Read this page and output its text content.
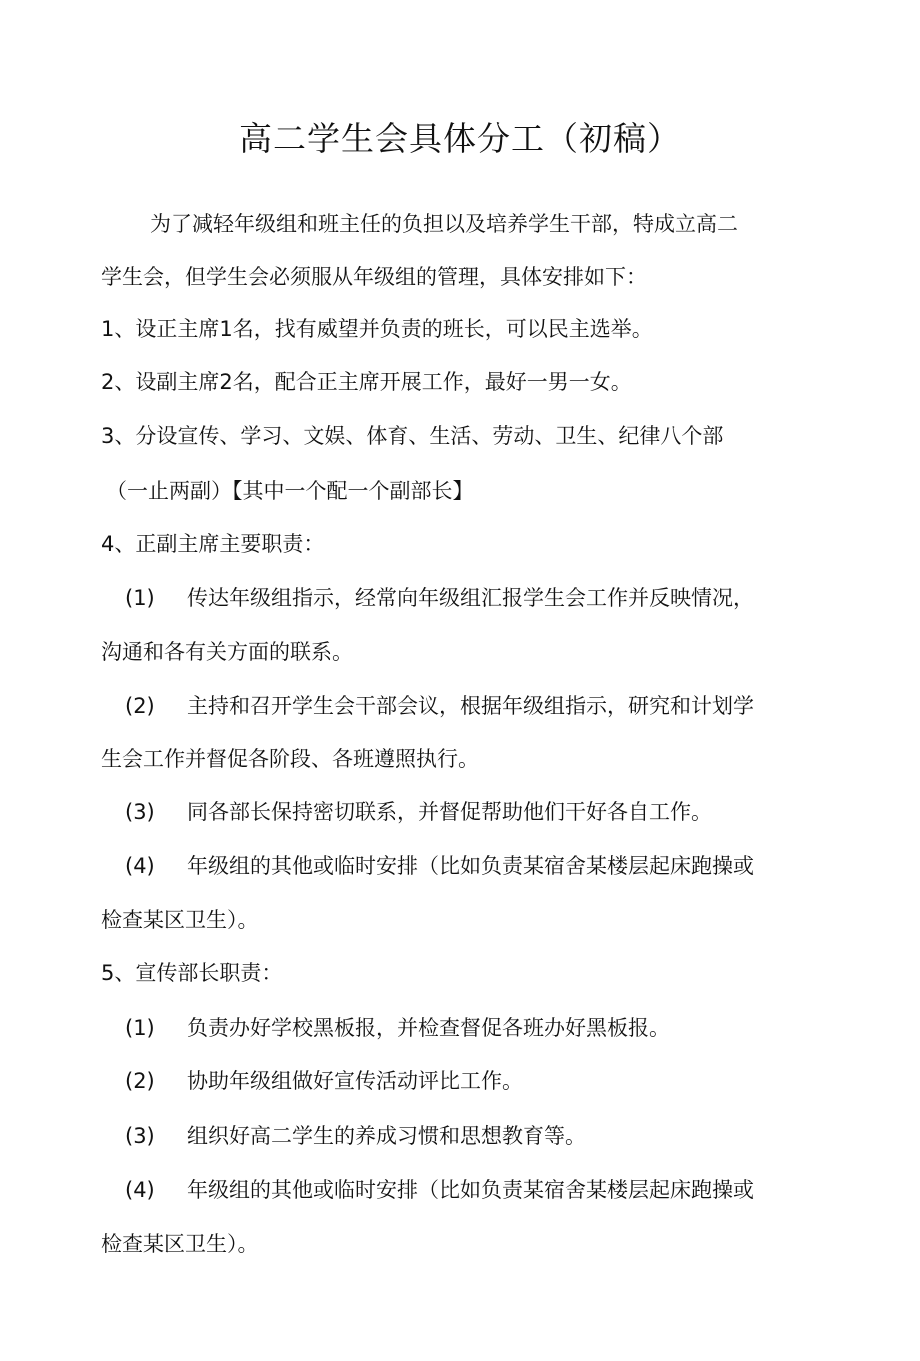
高二学生会具体分工（初稿）
为了减轻年级组和班主任的负担以及培养学生干部，特成立高二
学生会，但学生会必须服从年级组的管理，具体安排如下：
1、设正主席1名，找有威望并负责的班长，可以民主选举。
2、设副主席2名，配合正主席开展工作，最好一男一女。
3、分设宣传、学习、文娱、体育、生活、劳动、卫生、纪律八个部
（一止两副）【其中一个配一个副部长】
4、正副主席主要职责：
(1) 传达年级组指示，经常向年级组汇报学生会工作并反映情况，
沟通和各有关方面的联系。
(2) 主持和召开学生会干部会议，根据年级组指示，研究和计划学
生会工作并督促各阶段、各班遵照执行。
(3) 同各部长保持密切联系，并督促帮助他们干好各自工作。
(4) 年级组的其他或临时安排（比如负责某宿舍某楼层起床跑操或
检查某区卫生）。
5、宣传部长职责：
(1) 负责办好学校黑板报，并检查督促各班办好黑板报。
(2) 协助年级组做好宣传活动评比工作。
(3) 组织好高二学生的养成习惯和思想教育等。
(4) 年级组的其他或临时安排（比如负责某宿舍某楼层起床跑操或
检查某区卫生）。
